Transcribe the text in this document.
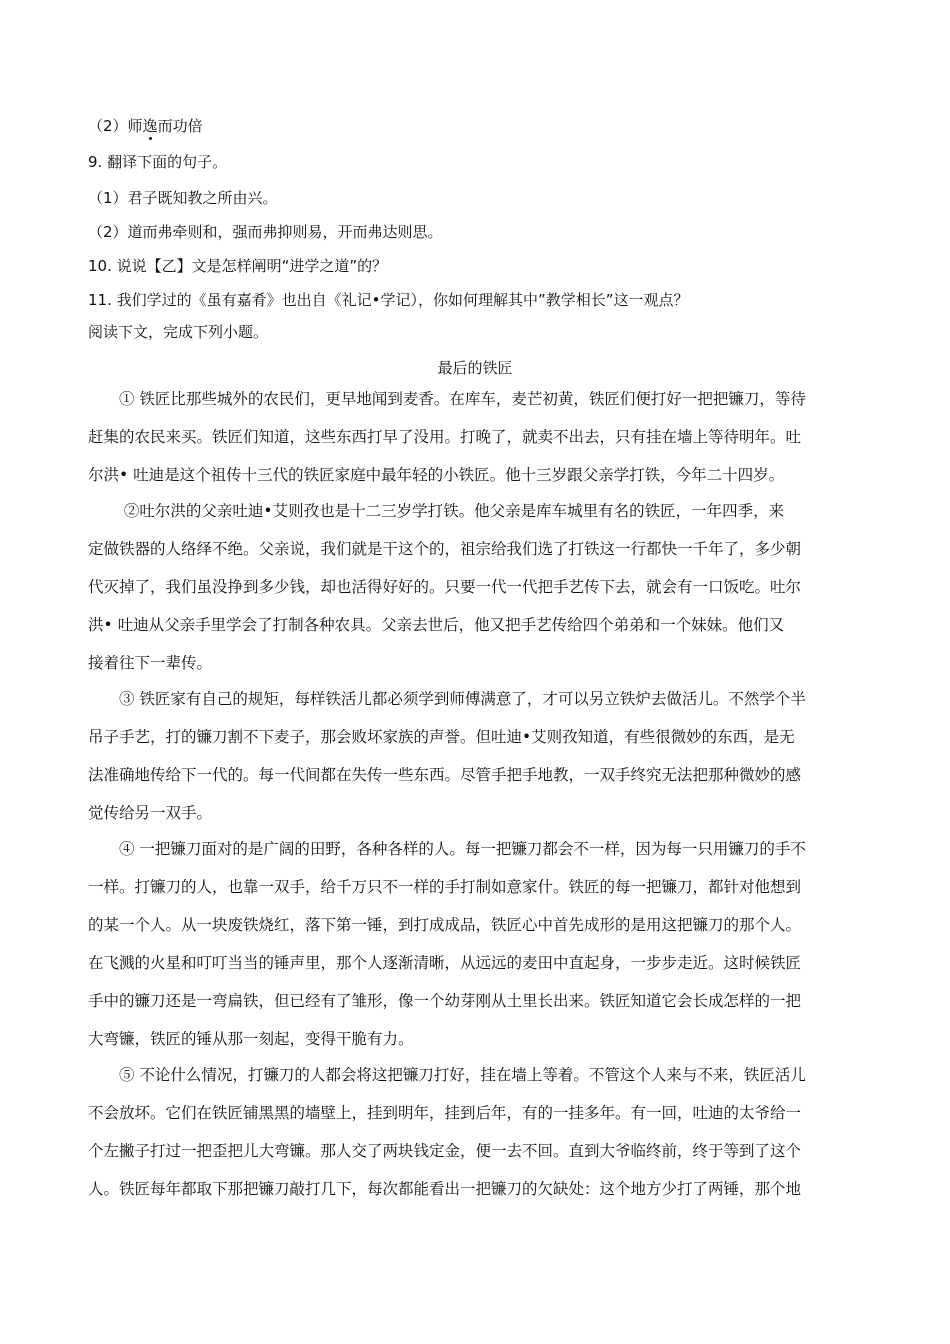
（2）师逸而功倍
9. 翻译下面的句子。
（1）君子既知教之所由兴。
（2）道而弗牵则和，强而弗抑则易，开而弗达则思。
10. 说说【乙】文是怎样阐明“进学之道”的？
11. 我们学过的《虽有嘉肴》也出自《礼记•学记），你如何理解其中”教学相长”这一观点？
阅读下文，完成下列小题。
最后的铁匠
　　① 铁匠比那些城外的农民们，更早地闻到麦香。在库车，麦芒初黄，铁匠们便打好一把把镰刀，等待
赶集的农民来买。铁匠们知道，这些东西打早了没用。打晚了，就卖不出去，只有挂在墙上等待明年。吐
尔洪• 吐迪是这个祖传十三代的铁匠家庭中最年轻的小铁匠。他十三岁跟父亲学打铁，今年二十四岁。
　　 ②吐尔洪的父亲吐迪•艾则孜也是十二三岁学打铁。他父亲是库车城里有名的铁匠，一年四季，来
定做铁器的人络绎不绝。父亲说，我们就是干这个的，祖宗给我们选了打铁这一行都快一千年了，多少朝
代灭掉了，我们虽没挣到多少钱，却也活得好好的。只要一代一代把手艺传下去，就会有一口饭吃。吐尔
洪• 吐迪从父亲手里学会了打制各种农具。父亲去世后，他又把手艺传给四个弟弟和一个妹妹。他们又
接着往下一辈传。
　　③ 铁匠家有自己的规矩，每样铁活儿都必须学到师傅满意了，才可以另立铁炉去做活儿。不然学个半
吊子手艺，打的镰刀割不下麦子，那会败坏家族的声誉。但吐迪•艾则孜知道，有些很微妙的东西，是无
法准确地传给下一代的。每一代间都在失传一些东西。尽管手把手地教，一双手终究无法把那种微妙的感
觉传给另一双手。
　　④ 一把镰刀面对的是广阔的田野，各种各样的人。每一把镰刀都会不一样，因为每一只用镰刀的手不
一样。打镰刀的人，也靠一双手，给千万只不一样的手打制如意家什。铁匠的每一把镰刀，都针对他想到
的某一个人。从一块废铁烧红，落下第一锤，到打成成品，铁匠心中首先成形的是用这把镰刀的那个人。
在飞溅的火星和叮叮当当的锤声里，那个人逐渐清晰，从远远的麦田中直起身，一步步走近。这时候铁匠
手中的镰刀还是一弯扁铁，但已经有了雏形，像一个幼芽刚从土里长出来。铁匠知道它会长成怎样的一把
大弯镰，铁匠的锤从那一刻起，变得干脆有力。
　　⑤ 不论什么情况，打镰刀的人都会将这把镰刀打好，挂在墙上等着。不管这个人来与不来，铁匠活儿
不会放坏。它们在铁匠铺黑黑的墙壁上，挂到明年，挂到后年，有的一挂多年。有一回，吐迪的太爷给一
个左撇子打过一把歪把儿大弯镰。那人交了两块钱定金，便一去不回。直到大爷临终前，终于等到了这个
人。铁匠每年都取下那把镰刀敲打几下，每次都能看出一把镰刀的欠缺处：这个地方少打了两锤，那个地
